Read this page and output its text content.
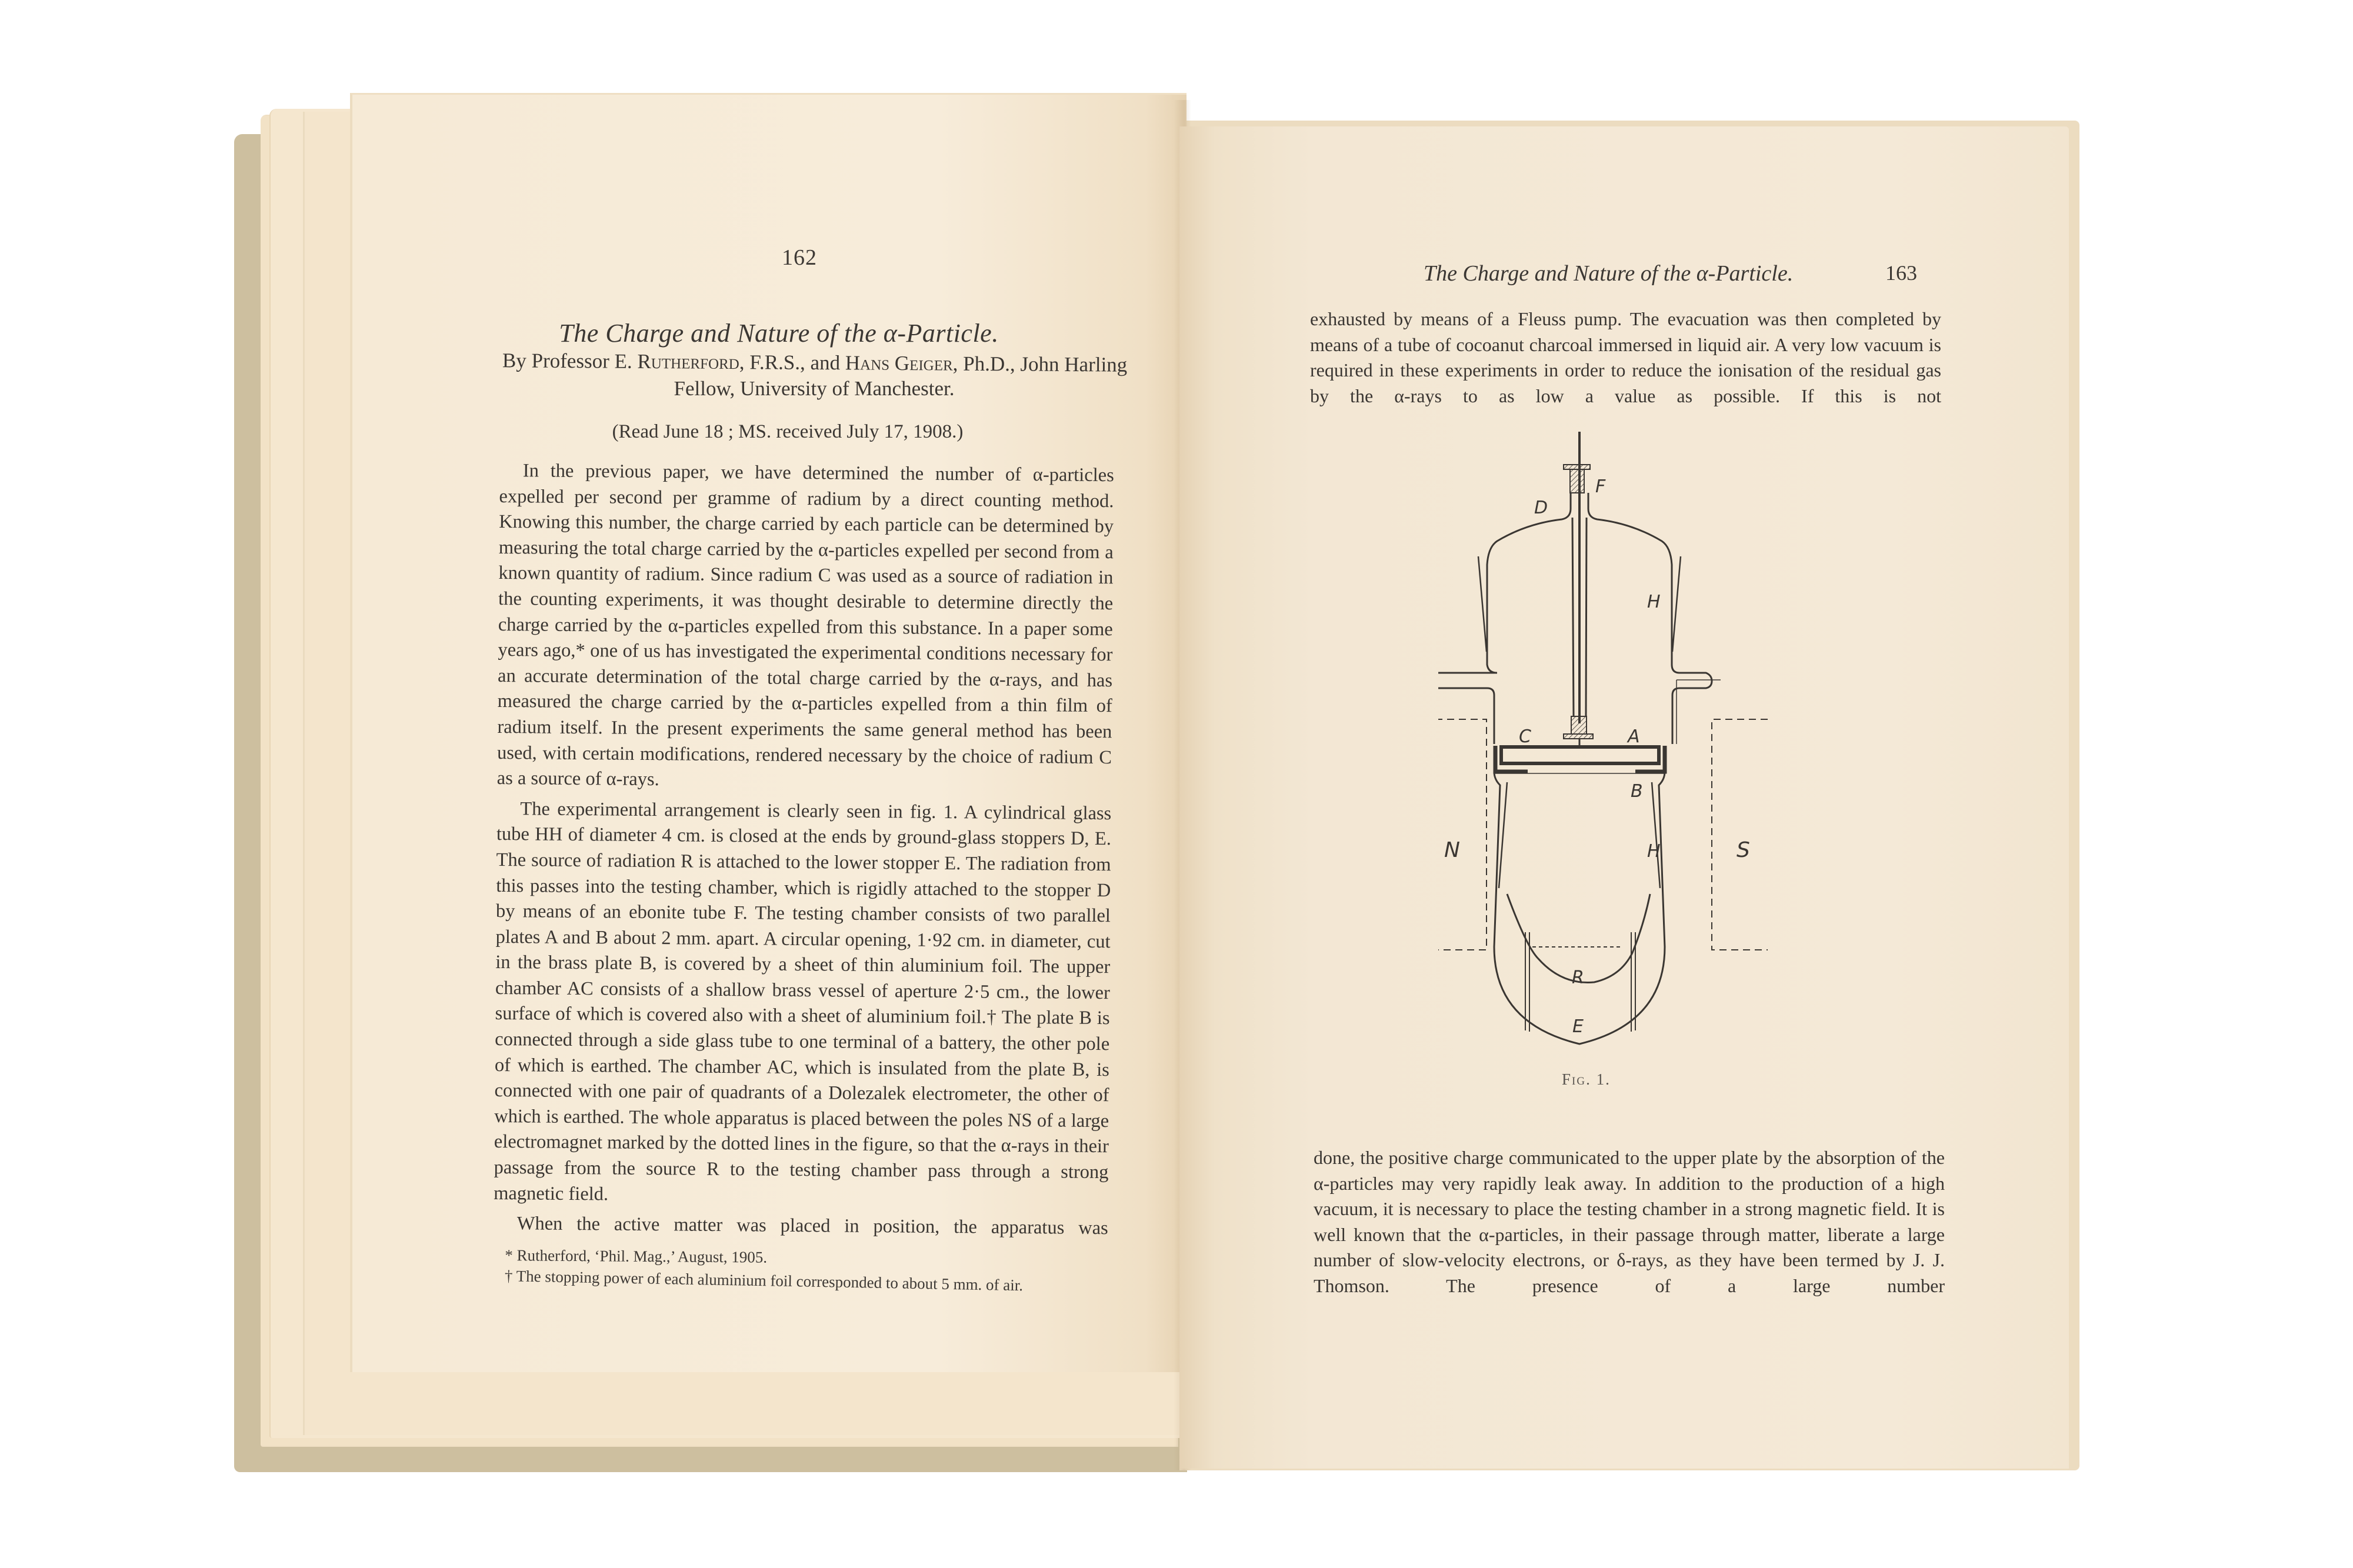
162
The Charge and Nature of the α-Particle.
By Professor E. Rutherford, F.R.S., and Hans Geiger, Ph.D., John Harling
Fellow, University of Manchester.
(Read June 18 ; MS. received July 17, 1908.)

In the previous paper, we have determined the number of α-particles expelled per second per gramme of radium by a direct counting method. Knowing this number, the charge carried by each particle can be determined by measuring the total charge carried by the α-particles expelled per second from a known quantity of radium. Since radium C was used as a source of radiation in the counting experiments, it was thought desirable to determine directly the charge carried by the α-particles expelled from this substance. In a paper some years ago,* one of us has investigated the experimental conditions necessary for an accurate determination of the total charge carried by the α-rays, and has measured the charge carried by the α-particles expelled from a thin film of radium itself. In the present experiments the same general method has been used, with certain modifications, rendered necessary by the choice of radium C as a source of α-rays.

The experimental arrangement is clearly seen in fig. 1. A cylindrical glass tube HH of diameter 4 cm. is closed at the ends by ground-glass stoppers D, E. The source of radiation R is attached to the lower stopper E. The radiation from this passes into the testing chamber, which is rigidly attached to the stopper D by means of an ebonite tube F. The testing chamber consists of two parallel plates A and B about 2 mm. apart. A circular opening, 1·92 cm. in diameter, cut in the brass plate B, is covered by a sheet of thin aluminium foil. The upper chamber AC consists of a shallow brass vessel of aperture 2·5 cm., the lower surface of which is covered also with a sheet of aluminium foil.† The plate B is connected through a side glass tube to one terminal of a battery, the other pole of which is earthed. The chamber AC, which is insulated from the plate B, is connected with one pair of quadrants of a Dolezalek electrometer, the other of which is earthed. The whole apparatus is placed between the poles NS of a large electromagnet marked by the dotted lines in the figure, so that the α-rays in their passage from the source R to the testing chamber pass through a strong magnetic field.

When the active matter was placed in position, the apparatus was

* Rutherford, ‘Phil. Mag.,’ August, 1905.
† The stopping power of each aluminium foil corresponded to about 5 mm. of air.
The Charge and Nature of the α-Particle.	163
exhausted by means of a Fleuss pump. The evacuation was then completed by means of a tube of cocoanut charcoal immersed in liquid air. A very low vacuum is required in these experiments in order to reduce the ionisation of the residual gas by the α-rays to as low a value as possible. If this is not
F
D
H
C	A
B
N	H	S
R
E
Fig. 1.
done, the positive charge communicated to the upper plate by the absorption of the α-particles may very rapidly leak away. In addition to the production of a high vacuum, it is necessary to place the testing chamber in a strong magnetic field. It is well known that the α-particles, in their passage through matter, liberate a large number of slow-velocity electrons, or δ-rays, as they have been termed by J. J. Thomson. The presence of a large number
